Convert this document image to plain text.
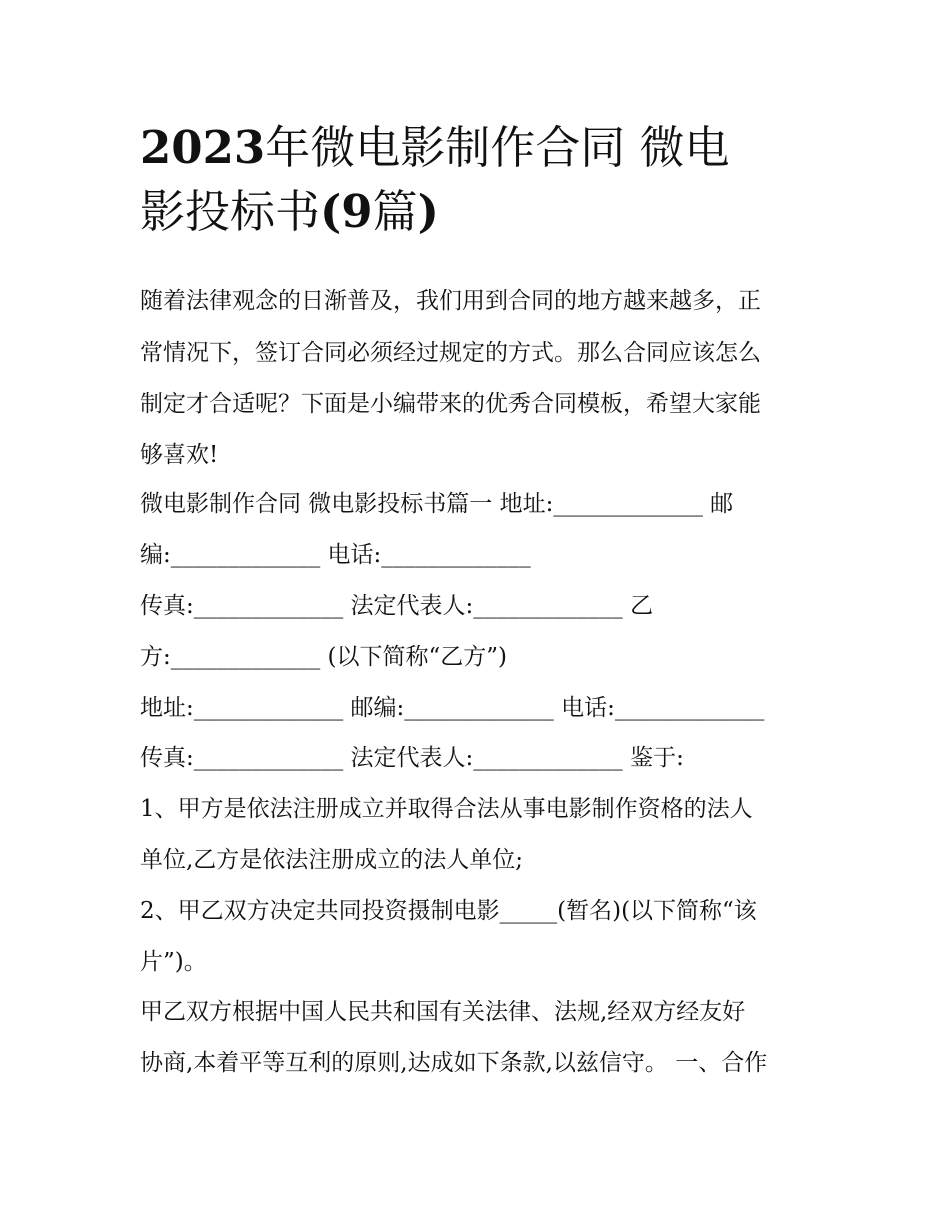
2023年微电影制作合同 微电
影投标书(9篇)
随着法律观念的日渐普及，我们用到合同的地方越来越多，正
常情况下，签订合同必须经过规定的方式。那么合同应该怎么
制定才合适呢？下面是小编带来的优秀合同模板，希望大家能
够喜欢!
微电影制作合同 微电影投标书篇一 地址:_____________ 邮
编:_____________ 电话:_____________
传真:_____________ 法定代表人:_____________ 乙
方:_____________ (以下简称“乙方”)
地址:_____________ 邮编:_____________ 电话:_____________
传真:_____________ 法定代表人:_____________ 鉴于:
1、甲方是依法注册成立并取得合法从事电影制作资格的法人
单位,乙方是依法注册成立的法人单位;
2、甲乙双方决定共同投资摄制电影_____(暂名)(以下简称“该
片”)。
甲乙双方根据中国人民共和国有关法律、法规,经双方经友好
协商,本着平等互利的原则,达成如下条款,以兹信守。 一、合作
